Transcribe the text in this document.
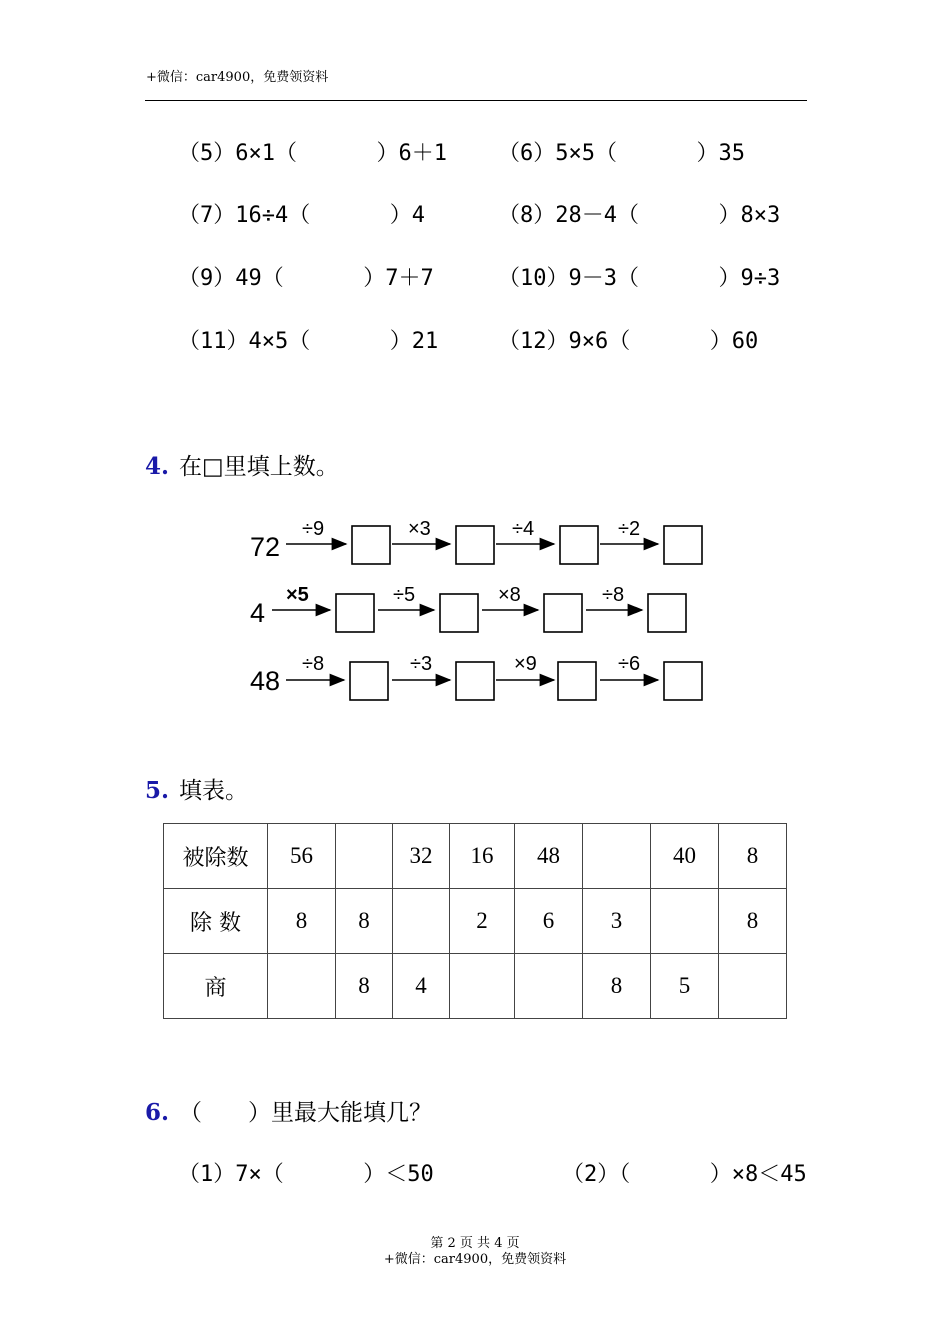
+微信：car4900，免费领资料
（5）6×1（      ）6＋1 （6）5×5（      ）35
（7）16÷4（      ）4	（8）28－4（      ）8×3
（9）49（      ）7＋7	（10）9－3（      ）9÷3
（11）4×5（      ）21	（12）9×6（      ）60
4. 在□里填上数。
72
÷9	×3	÷4	÷2
4
×5	÷5	×8	÷8
48
÷8	÷3	×9	÷6
5. 填表。
被除数	56		32	16	48		40	8
除 数	8	8		2	6	3		8
商		8	4			8	5	
6. （　　）里最大能填几？
（1）7×（      ）＜50	（2）（      ）×8＜45
第 2 页 共 4 页
+微信：car4900，免费领资料
